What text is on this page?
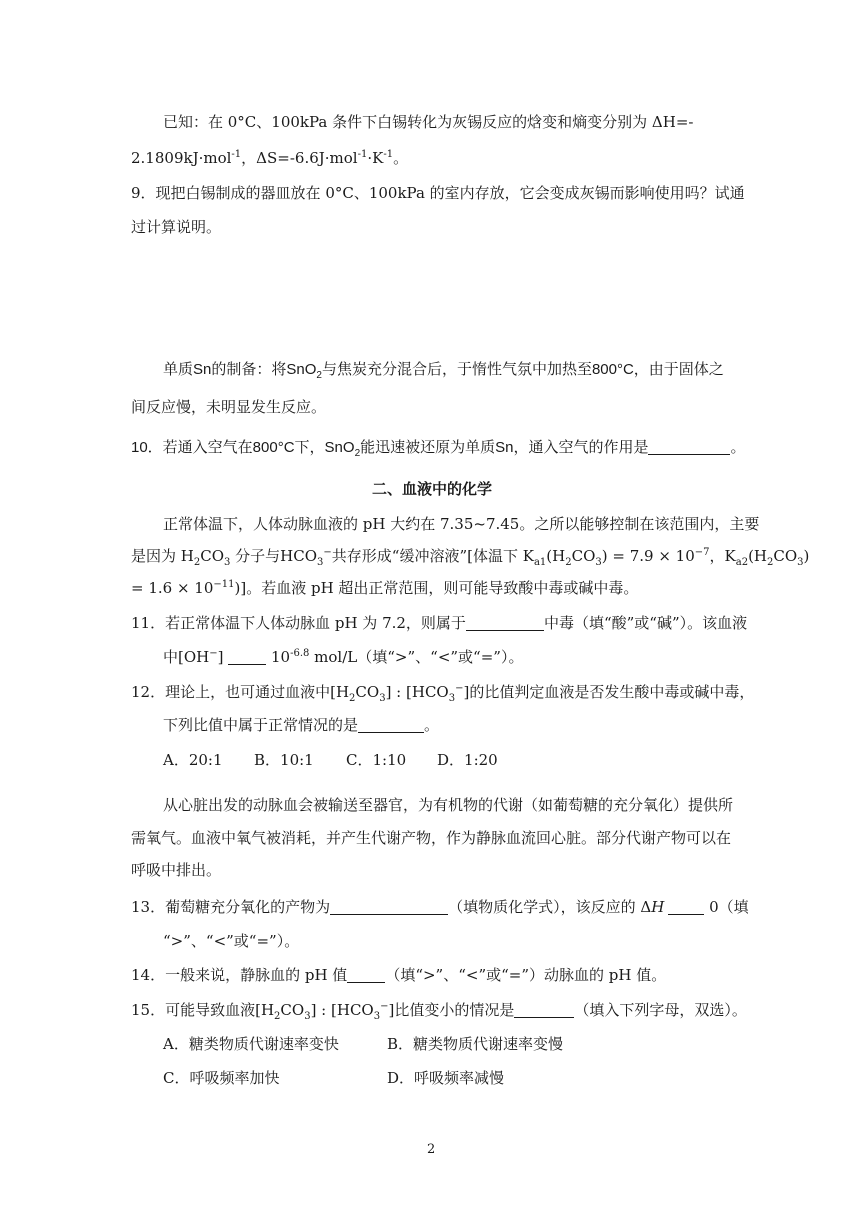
已知：在 0°C、100kPa 条件下白锡转化为灰锡反应的焓变和熵变分别为 ΔH=-
2.1809kJ·mol$^{-1}$，$\Delta S=-6.6J\cdot mol^{-1}\cdot K^{-1}$。
9．现把白锡制成的器皿放在 0°C、100kPa 的室内存放，它会变成灰锡而影响使用吗？试通
过计算说明。
单质Sn的制备：将SnO$_2$与焦炭充分混合后，于惰性气氛中加热至800°C，由于固体之
间反应慢，未明显发生反应。
10．若通入空气在800°C下，SnO$_2$能迅速被还原为单质Sn，通入空气的作用是	。
二、血液中的化学
正常体温下，人体动脉血液的 pH 大约在 7.35~7.45。之所以能够控制在该范围内，主要
是因为 $H_2CO_3$ 分子与$HCO_3^-$共存形成“缓冲溶液”[体温下 $K_{a1}(H_2CO_3) = 7.9 \times 10^{-7}$，$K_{a2}(H_2CO_3)$
= $1.6 \times 10^{-11}$)]。若血液 pH 超出正常范围，则可能导致酸中毒或碱中毒。
11．若正常体温下人体动脉血 pH 为 7.2，则属于	中毒（填“酸”或“碱”）。该血液
中[OH−]	$10^{-6.8}$ mol/L（填“>”、“<”或“=”）。
12．理论上，也可通过血液中$[H_2CO_3]$ : $[HCO_3^-]$的比值判定血液是否发生酸中毒或碱中毒，
下列比值中属于正常情况的是	。
A．20:1 B．10:1 C．1:10 D．1:20
从心脏出发的动脉血会被输送至器官，为有机物的代谢（如葡萄糖的充分氧化）提供所
需氧气。血液中氧气被消耗，并产生代谢产物，作为静脉血流回心脏。部分代谢产物可以在
呼吸中排出。
13．葡萄糖充分氧化的产物为	（填物质化学式），该反应的 ΔH	0（填
“>”、“<”或“=”）。
14．一般来说，静脉血的 pH 值	（填“>”、“<”或“=”）动脉血的 pH 值。
15．可能导致血液$[H_2CO_3]$ : $[HCO_3^-]$比值变小的情况是	（填入下列字母，双选）。
A．糖类物质代谢速率变快	B．糖类物质代谢速率变慢
C．呼吸频率加快	D．呼吸频率减慢
2
